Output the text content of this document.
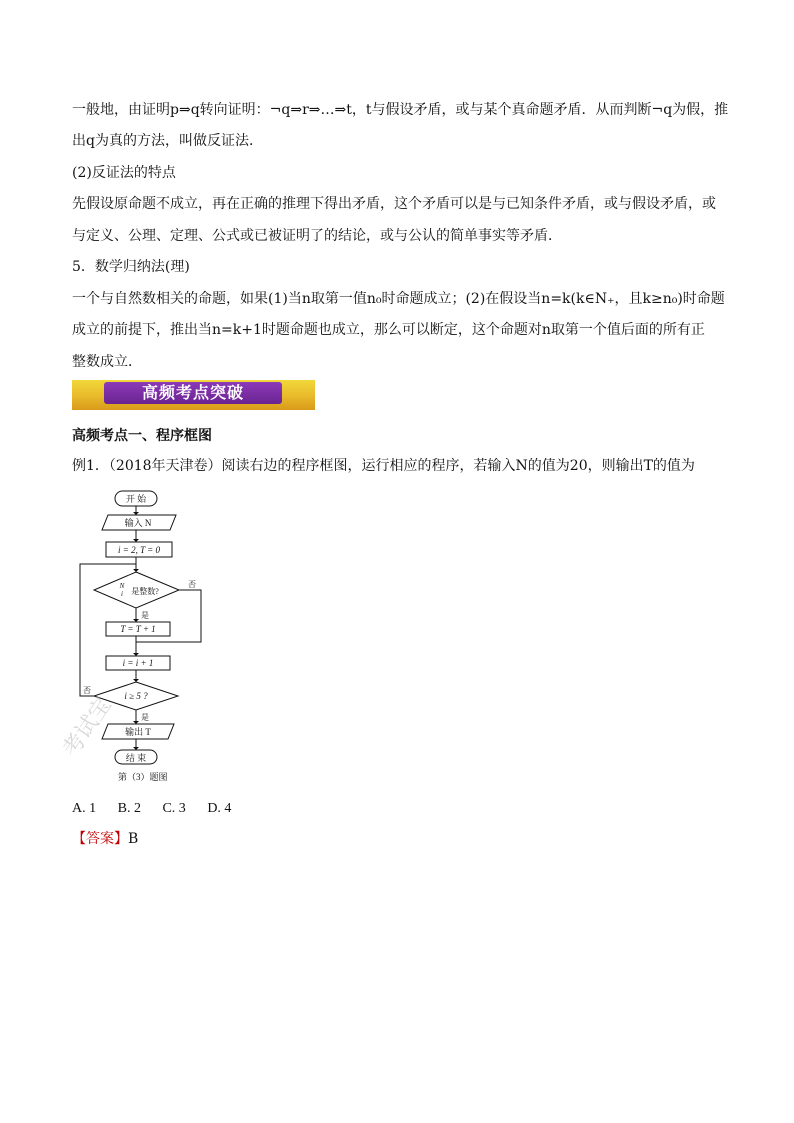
一般地，由证明p⇒q转向证明：¬q⇒r⇒…⇒t，t与假设矛盾，或与某个真命题矛盾．从而判断¬q为假，推
出q为真的方法，叫做反证法．
(2)反证法的特点
先假设原命题不成立，再在正确的推理下得出矛盾，这个矛盾可以是与已知条件矛盾，或与假设矛盾，或
与定义、公理、定理、公式或已被证明了的结论，或与公认的简单事实等矛盾．
5．数学归纳法(理)
一个与自然数相关的命题，如果(1)当n取第一值n₀时命题成立；(2)在假设当n=k(k∈N₊，且k≥n₀)时命题
成立的前提下，推出当n=k+1时题命题也成立，那么可以断定，这个命题对n取第一个值后面的所有正
整数成立．
高频考点突破
高频考点一、程序框图
例1．（2018年天津卷）阅读右边的程序框图，运行相应的程序，若输入N的值为20，则输出T的值为
开 始
输入 N
i = 2, T = 0
N
i 是整数?
否
是
T = T + 1
i = i + 1
i ≥ 5 ?
否
是
输出 T
结 束
第（3）题图
考试宝
A. 1 B. 2 C. 3 D. 4
【答案】B
